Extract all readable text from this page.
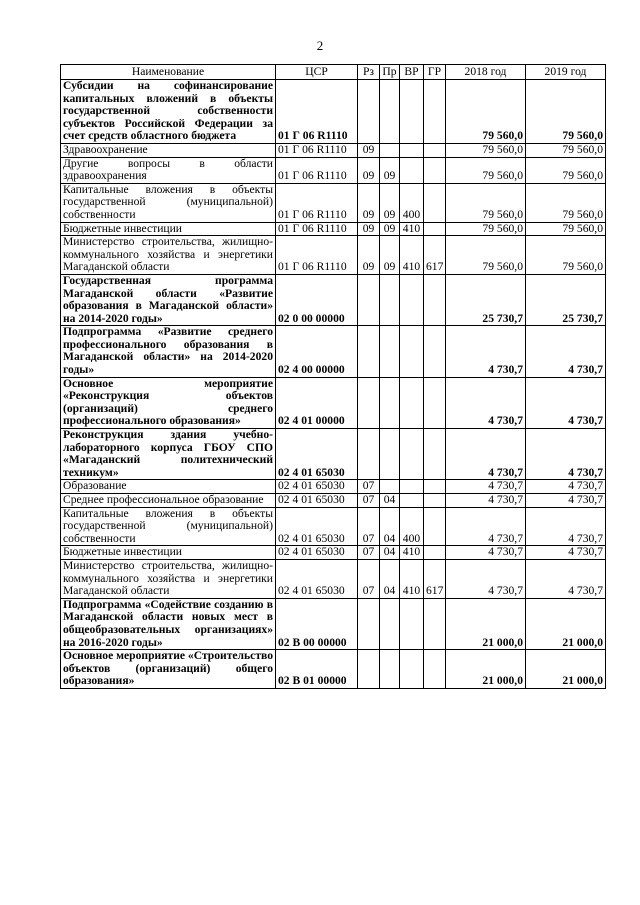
2
Наименование	ЦСР	Рз	Пр	ВР	ГР	2018 год	2019 год
Субсидии на софинансирование капитальных вложений в объекты государственной собственности субъектов Российской Федерации за счет средств областного бюджета	01 Г 06 R1110					79 560,0	79 560,0
Здравоохранение	01 Г 06 R1110	09				79 560,0	79 560,0
Другие вопросы в области здравоохранения	01 Г 06 R1110	09	09			79 560,0	79 560,0
Капитальные вложения в объекты государственной (муниципальной) собственности	01 Г 06 R1110	09	09	400		79 560,0	79 560,0
Бюджетные инвестиции	01 Г 06 R1110	09	09	410		79 560,0	79 560,0
Министерство строительства, жилищно-коммунального хозяйства и энергетики Магаданской области	01 Г 06 R1110	09	09	410	617	79 560,0	79 560,0
Государственная программа Магаданской области «Развитие образования в Магаданской области» на 2014-2020 годы»	02 0 00 00000					25 730,7	25 730,7
Подпрограмма «Развитие среднего профессионального образования в Магаданской области» на 2014-2020 годы»	02 4 00 00000					4 730,7	4 730,7
Основное мероприятие «Реконструкция объектов (организаций) среднего профессионального образования»	02 4 01 00000					4 730,7	4 730,7
Реконструкция здания учебно-лабораторного корпуса ГБОУ СПО «Магаданский политехнический техникум»	02 4 01 65030					4 730,7	4 730,7
Образование	02 4 01 65030	07				4 730,7	4 730,7
Среднее профессиональное образование	02 4 01 65030	07	04			4 730,7	4 730,7
Капитальные вложения в объекты государственной (муниципальной) собственности	02 4 01 65030	07	04	400		4 730,7	4 730,7
Бюджетные инвестиции	02 4 01 65030	07	04	410		4 730,7	4 730,7
Министерство строительства, жилищно-коммунального хозяйства и энергетики Магаданской области	02 4 01 65030	07	04	410	617	4 730,7	4 730,7
Подпрограмма «Содействие созданию в Магаданской области новых мест в общеобразовательных организациях» на 2016-2020 годы»	02 В 00 00000					21 000,0	21 000,0
Основное мероприятие «Строительство объектов (организаций) общего образования»	02 В 01 00000					21 000,0	21 000,0
